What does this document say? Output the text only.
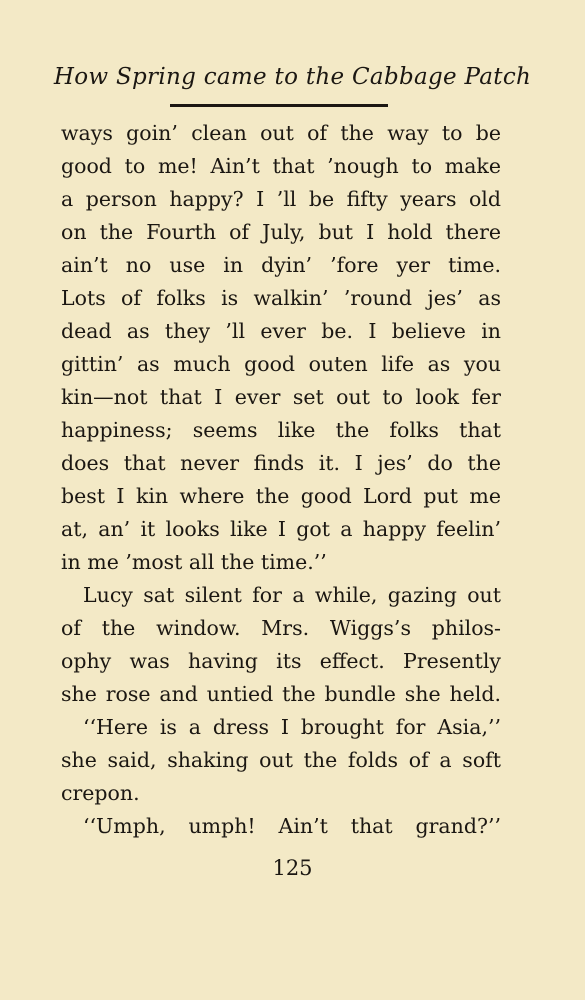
How Spring came to the Cabbage Patch
ways goin’ clean out of the way to be
good to me! Ain’t that ’nough to make
a person happy? I ’ll be fifty years old
on the Fourth of July, but I hold there
ain’t no use in dyin’ ’fore yer time.
Lots of folks is walkin’ ’round jes’ as
dead as they ’ll ever be. I believe in
gittin’ as much good outen life as you
kin—not that I ever set out to look fer
happiness; seems like the folks that
does that never finds it. I jes’ do the
best I kin where the good Lord put me
at, an’ it looks like I got a happy feelin’
in me ’most all the time.’’
Lucy sat silent for a while, gazing out
of the window. Mrs. Wiggs’s philos-
ophy was having its effect. Presently
she rose and untied the bundle she held.
‘‘Here is a dress I brought for Asia,’’
she said, shaking out the folds of a soft
crepon.
‘‘Umph, umph! Ain’t that grand?’’
125
